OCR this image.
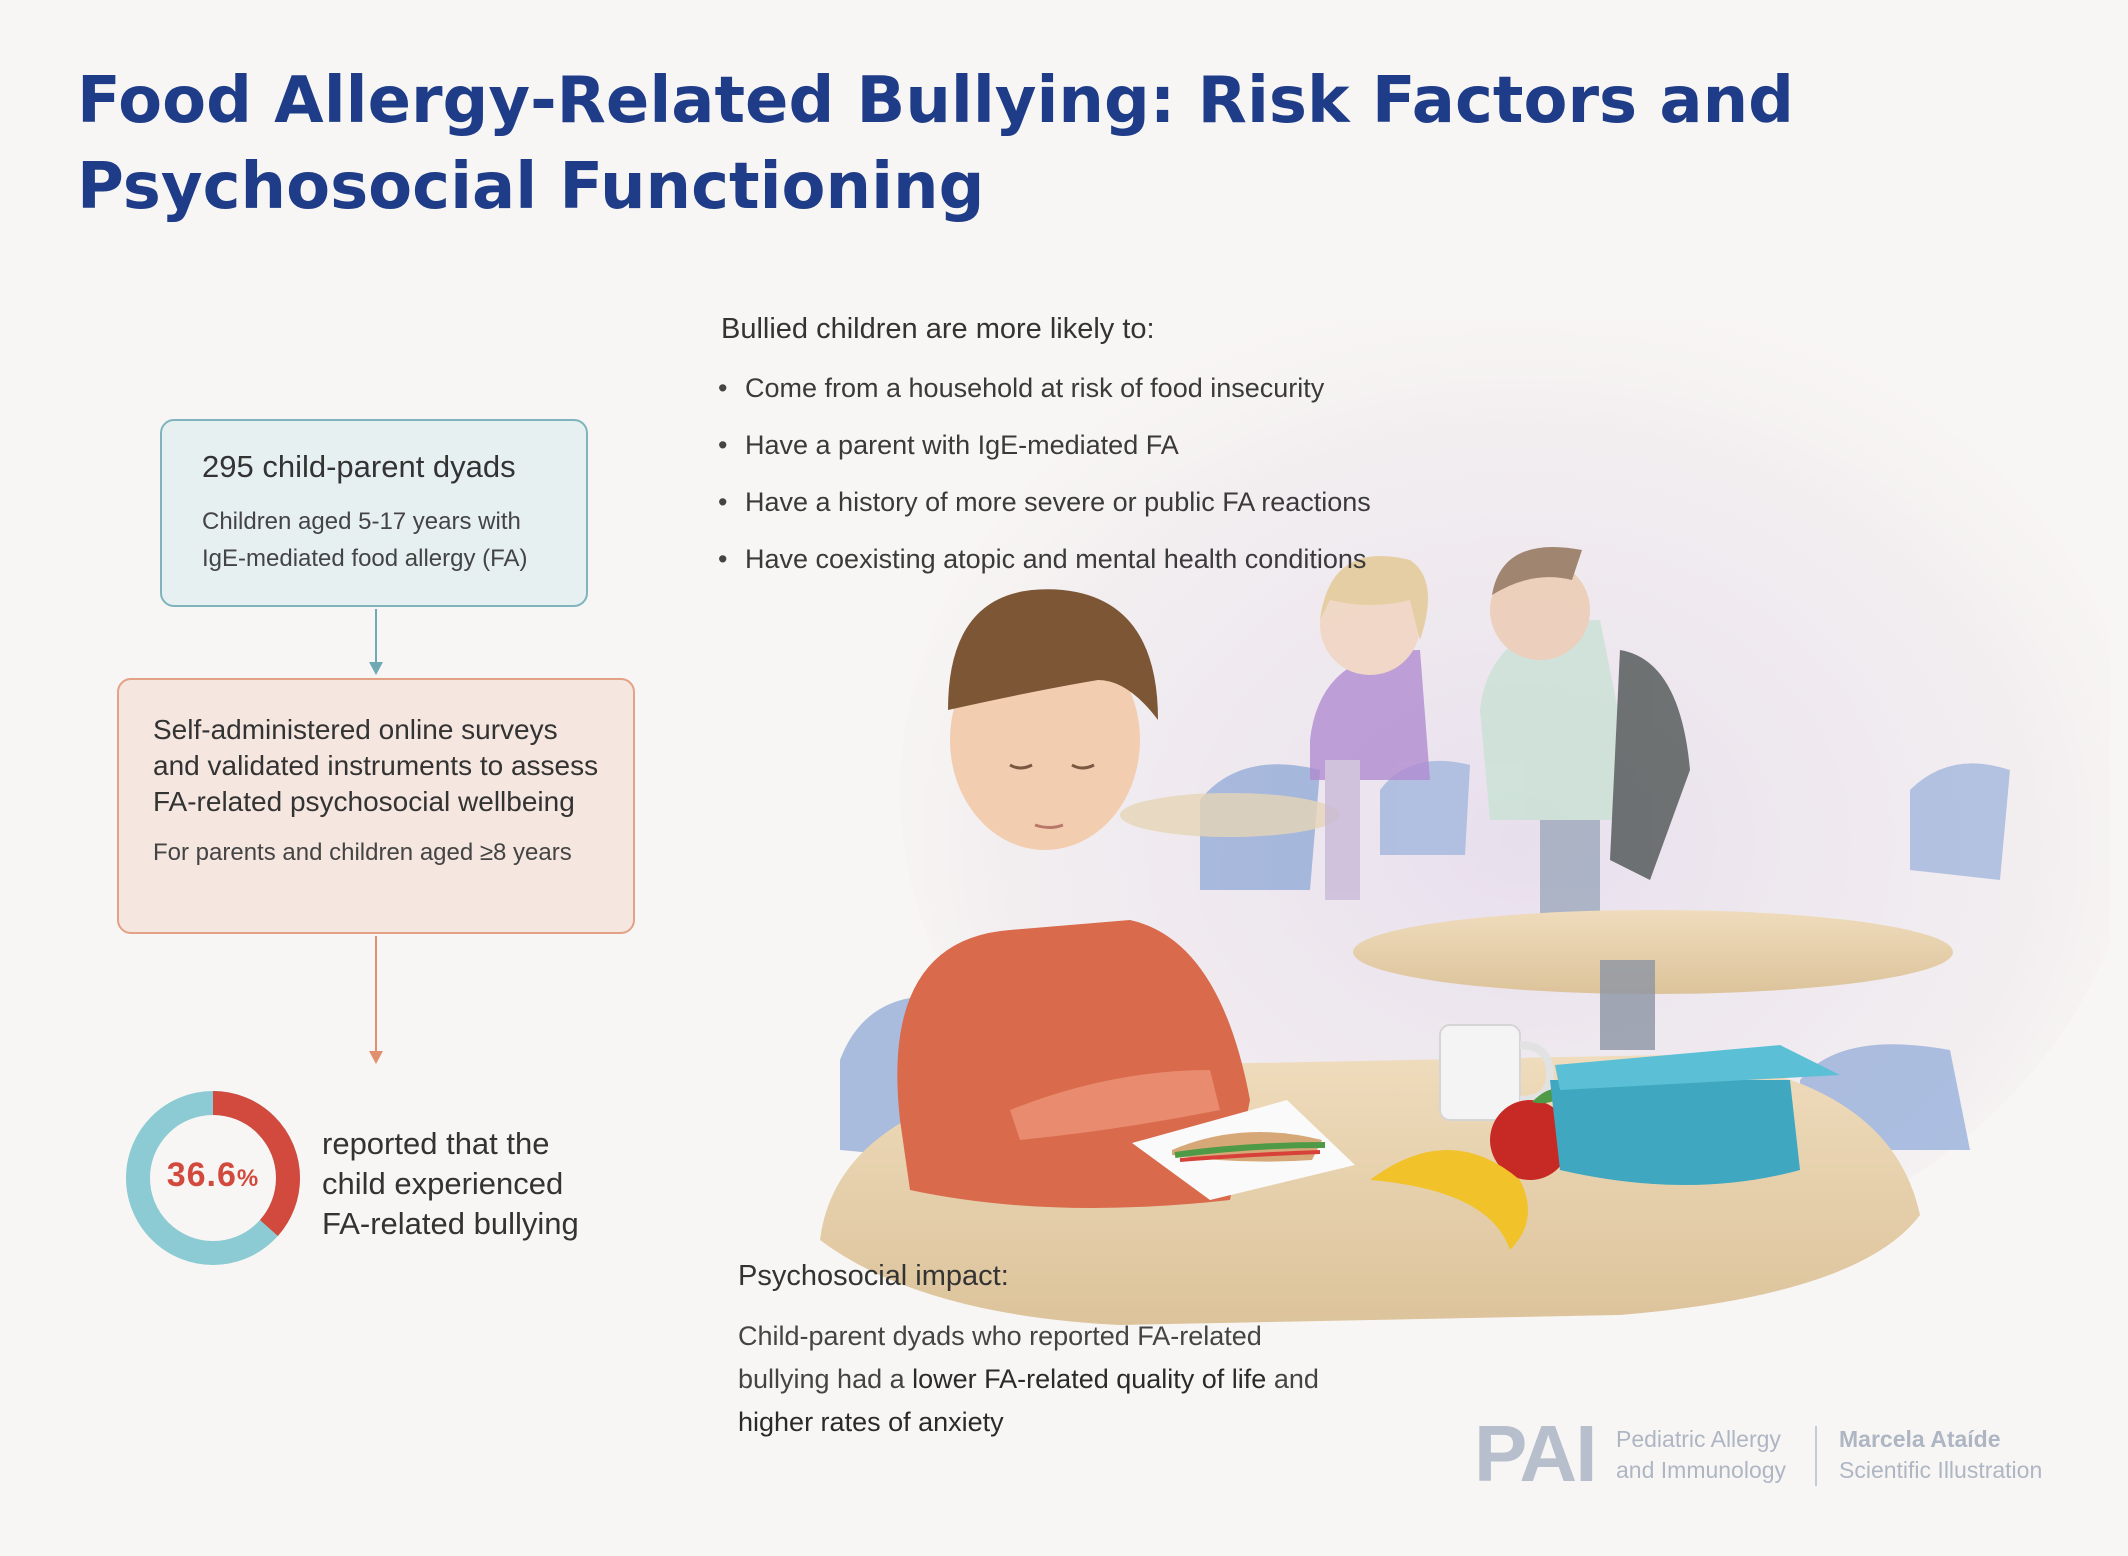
Food Allergy-Related Bullying: Risk Factors and Psychosocial Functioning
295 child-parent dyads
Children aged 5-17 years with
IgE-mediated food allergy (FA)
Self-administered online surveys and validated instruments to assess FA-related psychosocial wellbeing
For parents and children aged ≥8 years
36.6%
reported that the
child experienced
FA-related bullying
Bullied children are more likely to:
• Come from a household at risk of food insecurity
• Have a parent with IgE-mediated FA
• Have a history of more severe or public FA reactions
• Have coexisting atopic and mental health conditions
Psychosocial impact:
Child-parent dyads who reported FA-related bullying had a lower FA-related quality of life and higher rates of anxiety	PAI Pediatric Allergy
and Immunology
Marcela Ataíde
Scientific Illustration
